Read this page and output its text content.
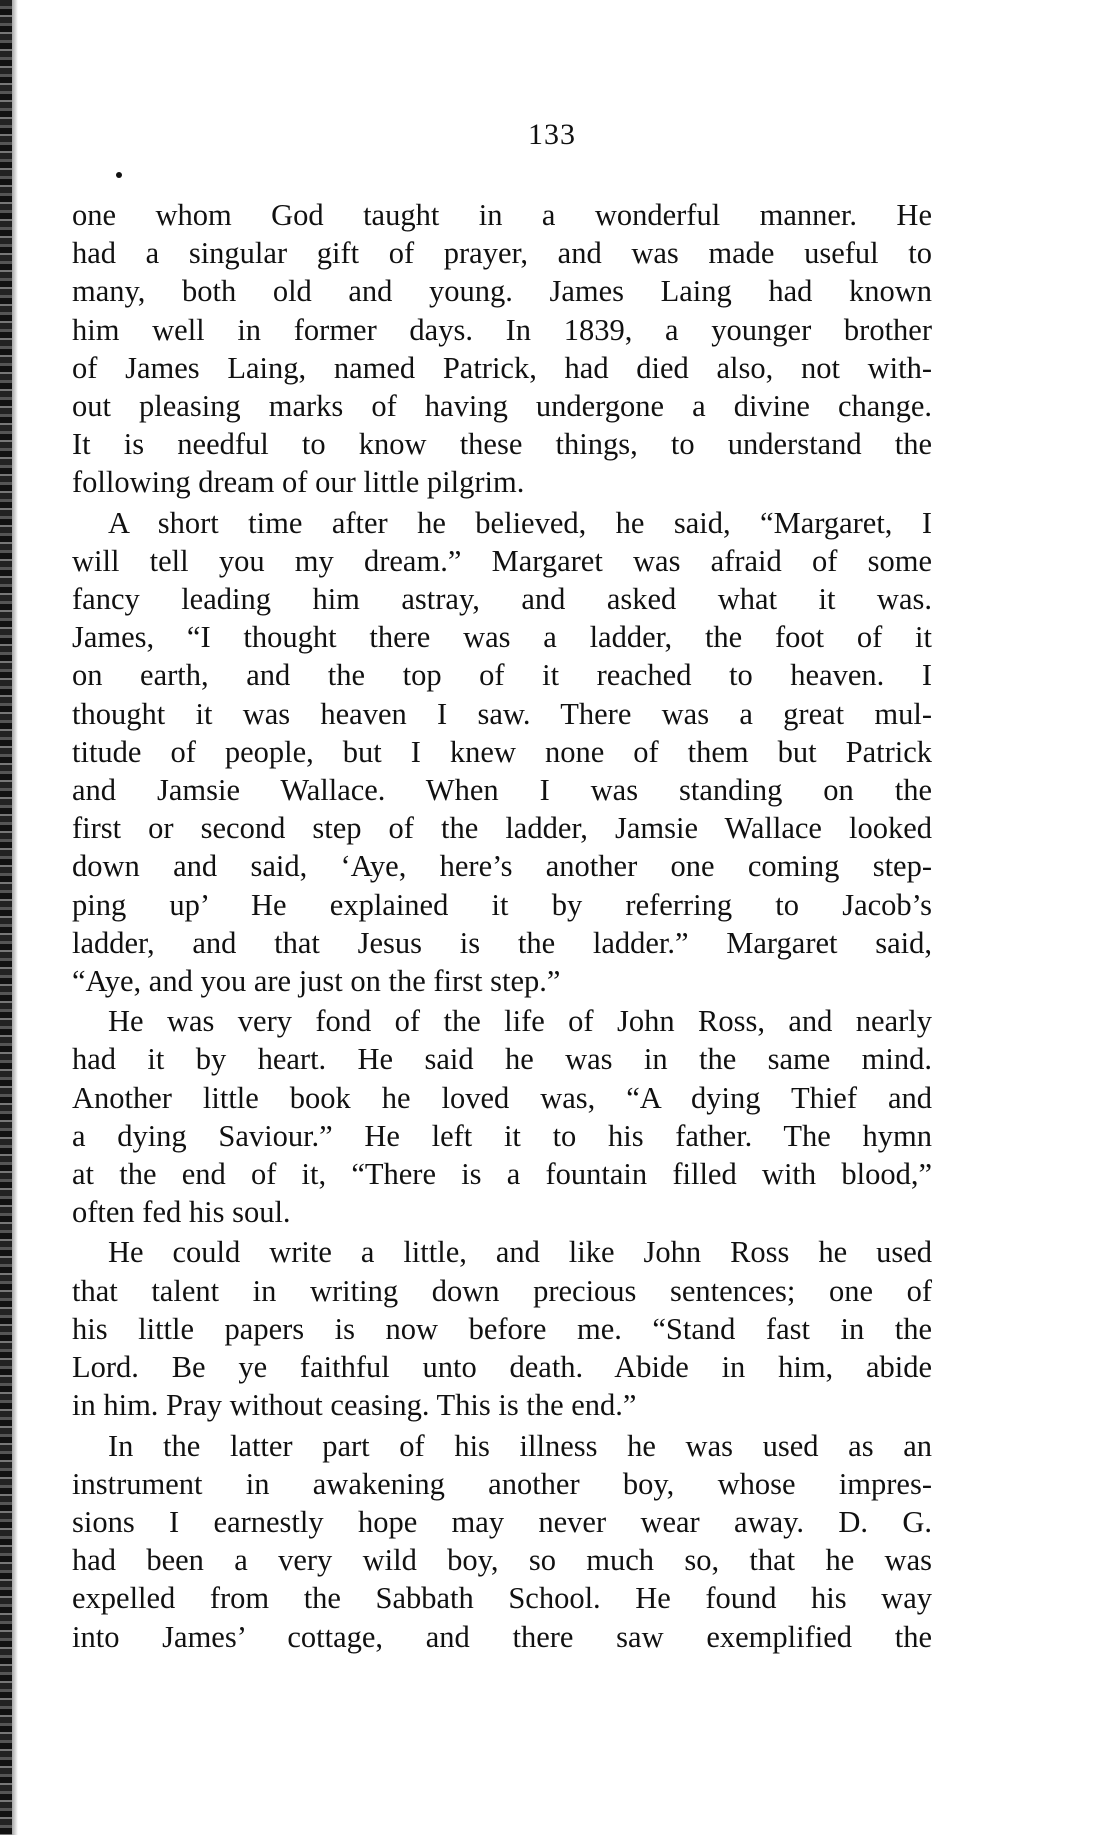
133

one whom God taught in a wonderful manner. He
had a singular gift of prayer, and was made useful to
many, both old and young. James Laing had known
him well in former days. In 1839, a younger brother
of James Laing, named Patrick, had died also, not with-
out pleasing marks of having undergone a divine change.
It is needful to know these things, to understand the
following dream of our little pilgrim.

A short time after he believed, he said, “Margaret, I
will tell you my dream.” Margaret was afraid of some
fancy leading him astray, and asked what it was.
James, “I thought there was a ladder, the foot of it
on earth, and the top of it reached to heaven. I
thought it was heaven I saw. There was a great mul-
titude of people, but I knew none of them but Patrick
and Jamsie Wallace. When I was standing on the
first or second step of the ladder, Jamsie Wallace looked
down and said, ‘Aye, here’s another one coming step-
ping up’ He explained it by referring to Jacob’s
ladder, and that Jesus is the ladder.” Margaret said,
“Aye, and you are just on the first step.”

He was very fond of the life of John Ross, and nearly
had it by heart. He said he was in the same mind.
Another little book he loved was, “A dying Thief and
a dying Saviour.” He left it to his father. The hymn
at the end of it, “There is a fountain filled with blood,”
often fed his soul.

He could write a little, and like John Ross he used
that talent in writing down precious sentences; one of
his little papers is now before me. “Stand fast in the
Lord. Be ye faithful unto death. Abide in him, abide
in him. Pray without ceasing. This is the end.”

In the latter part of his illness he was used as an
instrument in awakening another boy, whose impres-
sions I earnestly hope may never wear away. D. G.
had been a very wild boy, so much so, that he was
expelled from the Sabbath School. He found his way
into James’ cottage, and there saw exemplified the
